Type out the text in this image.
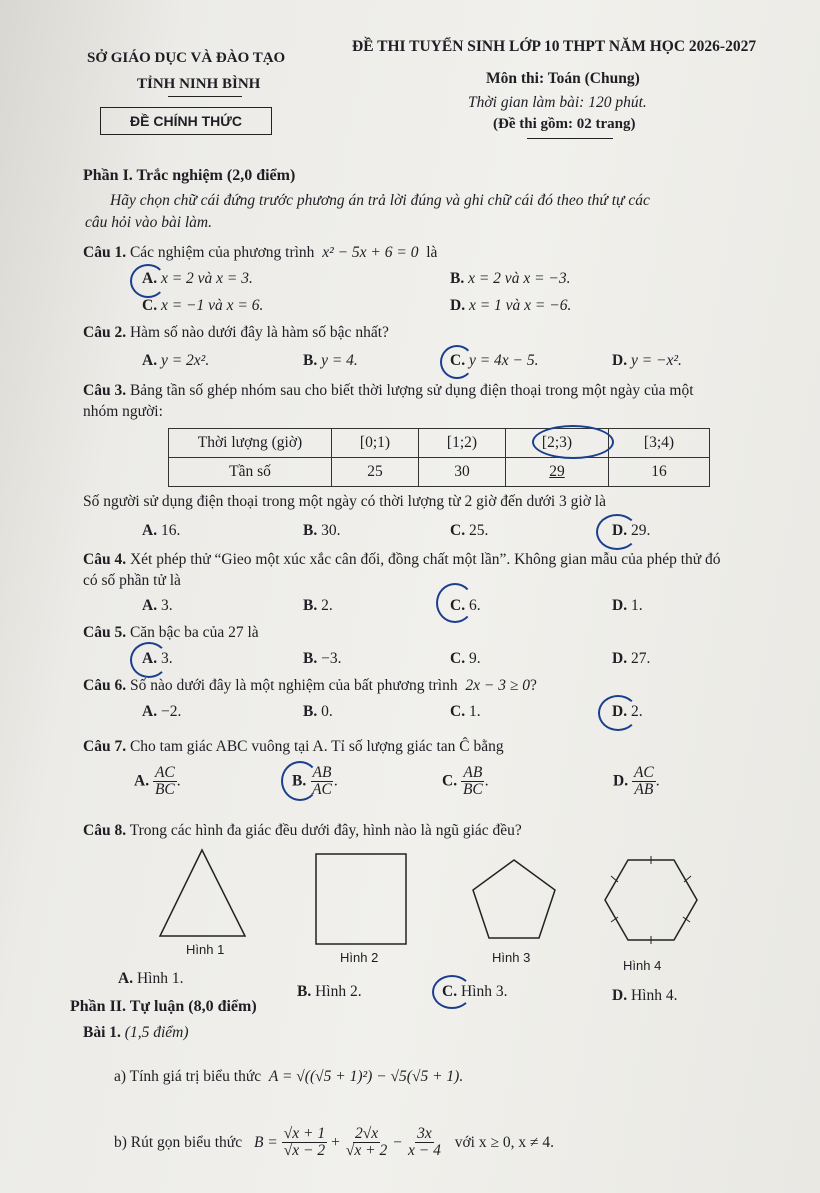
SỞ GIÁO DỤC VÀ ĐÀO TẠO
ĐỀ THI TUYỂN SINH LỚP 10 THPT NĂM HỌC 2026-2027
TỈNH NINH BÌNH	Môn thi: Toán (Chung)
Thời gian làm bài: 120 phút.
ĐỀ CHÍNH THỨC	(Đề thi gồm: 02 trang)
Phần I. Trắc nghiệm (2,0 điểm)
Hãy chọn chữ cái đứng trước phương án trả lời đúng và ghi chữ cái đó theo thứ tự các
câu hỏi vào bài làm.
Câu 1. Các nghiệm của phương trình x² − 5x + 6 = 0 là
A. x = 2 và x = 3.	B. x = 2 và x = −3.
C. x = −1 và x = 6.	D. x = 1 và x = −6.
Câu 2. Hàm số nào dưới đây là hàm số bậc nhất?
A. y = 2x².	B. y = 4.	C. y = 4x − 5.	D. y = −x².
Câu 3. Bảng tần số ghép nhóm sau cho biết thời lượng sử dụng điện thoại trong một ngày của một
nhóm người:
Thời lượng (giờ)	[0;1)	[1;2)	[2;3)	[3;4)
Tần số	25	30	29	16
Số người sử dụng điện thoại trong một ngày có thời lượng từ 2 giờ đến dưới 3 giờ là
A. 16.	B. 30.	C. 25.	D. 29.
Câu 4. Xét phép thử “Gieo một xúc xắc cân đối, đồng chất một lần”. Không gian mẫu của phép thử đó
có số phần tử là
A. 3.	B. 2.	C. 6.	D. 1.
Câu 5. Căn bậc ba của 27 là
A. 3.	B. −3.	C. 9.	D. 27.
Câu 6. Số nào dưới đây là một nghiệm của bất phương trình 2x − 3 ≥ 0?
A. −2.	B. 0.	C. 1.	D. 2.
Câu 7. Cho tam giác ABC vuông tại A. Tỉ số lượng giác tan Ĉ bằng
A. $\frac{AC}{BC}$ .	B. $\frac{AB}{AC}$ .	C. $\frac{AB}{BC}$ .	D. $\frac{AC}{AB}$ .
Câu 8. Trong các hình đa giác đều dưới đây, hình nào là ngũ giác đều?
Hình 1
Hình 2	Hình 3
Hình 4
A. Hình 1.
B. Hình 2.	C. Hình 3.	D. Hình 4.
Phần II. Tự luận (8,0 điểm)
Bài 1. (1,5 điểm)
a) Tính giá trị biểu thức A = √((√5 + 1)²) − √5(√5 + 1).
b) Rút gọn biểu thức
$B = \frac{√x + 1}{√x - 2} + \frac{2√x}{√x + 2} - \frac{3x}{x - 4}$
với x ≥ 0, x ≠ 4.
